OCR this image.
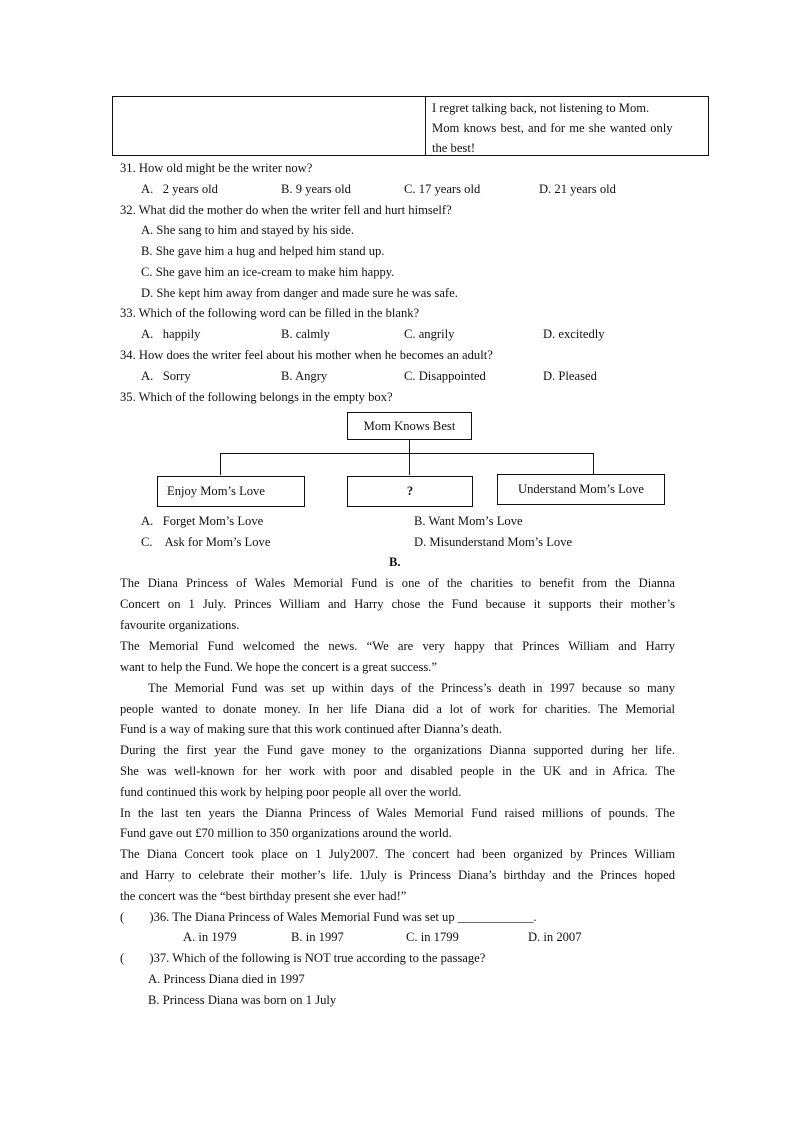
I regret talking back, not listening to Mom.
Mom knows best, and for me she wanted only
the best!
31. How old might be the writer now?
A.   2 years old	B. 9 years old	C. 17 years old	D. 21 years old
32. What did the mother do when the writer fell and hurt himself?
A. She sang to him and stayed by his side.
B. She gave him a hug and helped him stand up.
C. She gave him an ice-cream to make him happy.
D. She kept him away from danger and made sure he was safe.
33. Which of the following word can be filled in the blank?
A.   happily	B. calmly	C. angrily	D. excitedly
34. How does the writer feel about his mother when he becomes an adult?
A.   Sorry	B. Angry	C. Disappointed	D. Pleased
35. Which of the following belongs in the empty box?
Mom Knows Best
Enjoy Mom’s Love	?	Understand Mom’s Love
A.   Forget Mom’s Love	B. Want Mom’s Love
C.    Ask for Mom’s Love	D. Misunderstand Mom’s Love
B.
The Diana Princess of Wales Memorial Fund is one of the charities to benefit from the Dianna
Concert on 1 July. Princes William and Harry chose the Fund because it supports their mother’s
favourite organizations.
The Memorial Fund welcomed the news. “We are very happy that Princes William and Harry
want to help the Fund. We hope the concert is a great success.”
The Memorial Fund was set up within days of the Princess’s death in 1997 because so many
people wanted to donate money. In her life Diana did a lot of work for charities. The Memorial
Fund is a way of making sure that this work continued after Dianna’s death.
During the first year the Fund gave money to the organizations Dianna supported during her life.
She was well-known for her work with poor and disabled people in the UK and in Africa. The
fund continued this work by helping poor people all over the world.
In the last ten years the Dianna Princess of Wales Memorial Fund raised millions of pounds. The
Fund gave out £70 million to 350 organizations around the world.
The Diana Concert took place on 1 July2007. The concert had been organized by Princes William
and Harry to celebrate their mother’s life. 1July is Princess Diana’s birthday and the Princes hoped
the concert was the “best birthday present she ever had!”
(        )36. The Diana Princess of Wales Memorial Fund was set up ____________.
A. in 1979	B. in 1997	C. in 1799	D. in 2007
(        )37. Which of the following is NOT true according to the passage?
A. Princess Diana died in 1997
B. Princess Diana was born on 1 July
